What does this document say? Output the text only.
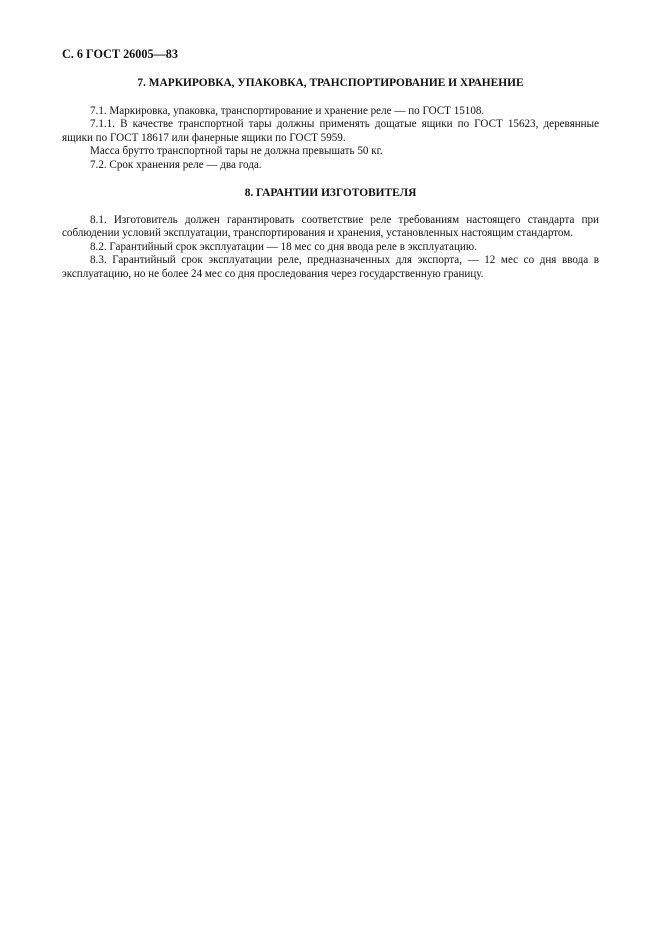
С. 6 ГОСТ 26005—83
7. МАРКИРОВКА, УПАКОВКА, ТРАНСПОРТИРОВАНИЕ И ХРАНЕНИЕ

7.1. Маркировка, упаковка, транспортирование и хранение реле — по ГОСТ 15108.

7.1.1. В качестве транспортной тары должны применять дощатые ящики по ГОСТ 15623, деревянные ящики по ГОСТ 18617 или фанерные ящики по ГОСТ 5959.

Масса брутто транспортной тары не должна превышать 50 кг.

7.2. Срок хранения реле — два года.

8. ГАРАНТИИ ИЗГОТОВИТЕЛЯ

8.1. Изготовитель должен гарантировать соответствие реле требованиям настоящего стандарта при соблюдении условий эксплуатации, транспортирования и хранения, установленных настоящим стандартом.

8.2. Гарантийный срок эксплуатации — 18 мес со дня ввода реле в эксплуатацию.

8.3. Гарантийный срок эксплуатации реле, предназначенных для экспорта, — 12 мес со дня ввода в эксплуатацию, но не более 24 мес со дня проследования через государственную границу.
